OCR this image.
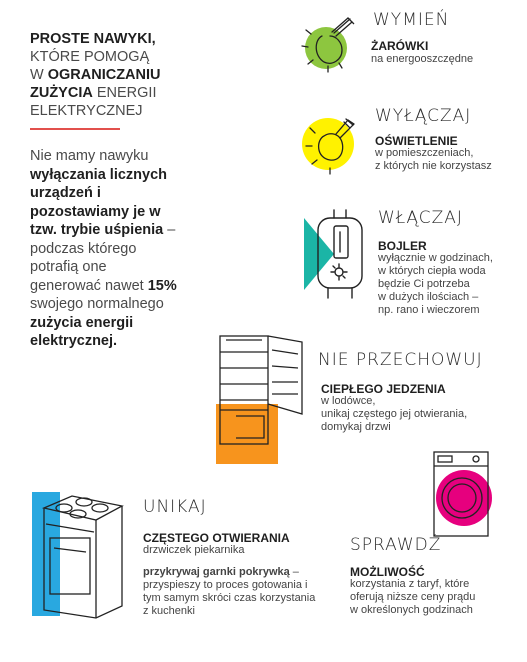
PROSTE NAWYKI,
KTÓRE POMOGĄ
W OGRANICZANIU
ZUŻYCIA ENERGII
ELEKTRYCZNEJ
Nie mamy nawyku wyłączania licznych urządzeń i pozostawiamy je w tzw. trybie uśpienia – podczas którego potrafią one generować nawet 15% swojego normalnego zużycia energii elektrycznej.
WYMIEŃ
ŻARÓWKI
na energooszczędne
WYŁĄCZAJ
OŚWIETLENIE
w pomieszczeniach,
z których nie korzystasz
WŁĄCZAJ
BOJLER
wyłącznie w godzinach,
w których ciepła woda
będzie Ci potrzeba
w dużych ilościach –
np. rano i wieczorem
NIE PRZECHOWUJ
CIEPŁEGO JEDZENIA
w lodówce,
unikaj częstego jej otwierania,
domykaj drzwi
UNIKAJ
CZĘSTEGO OTWIERANIA
drzwiczek piekarnika
przykrywaj garnki pokrywką – przyspieszy to proces gotowania i tym samym skróci czas korzystania z kuchenki
SPRAWDŹ
MOŻLIWOŚĆ
korzystania z taryf, które
oferują niższe ceny prądu
w określonych godzinach
